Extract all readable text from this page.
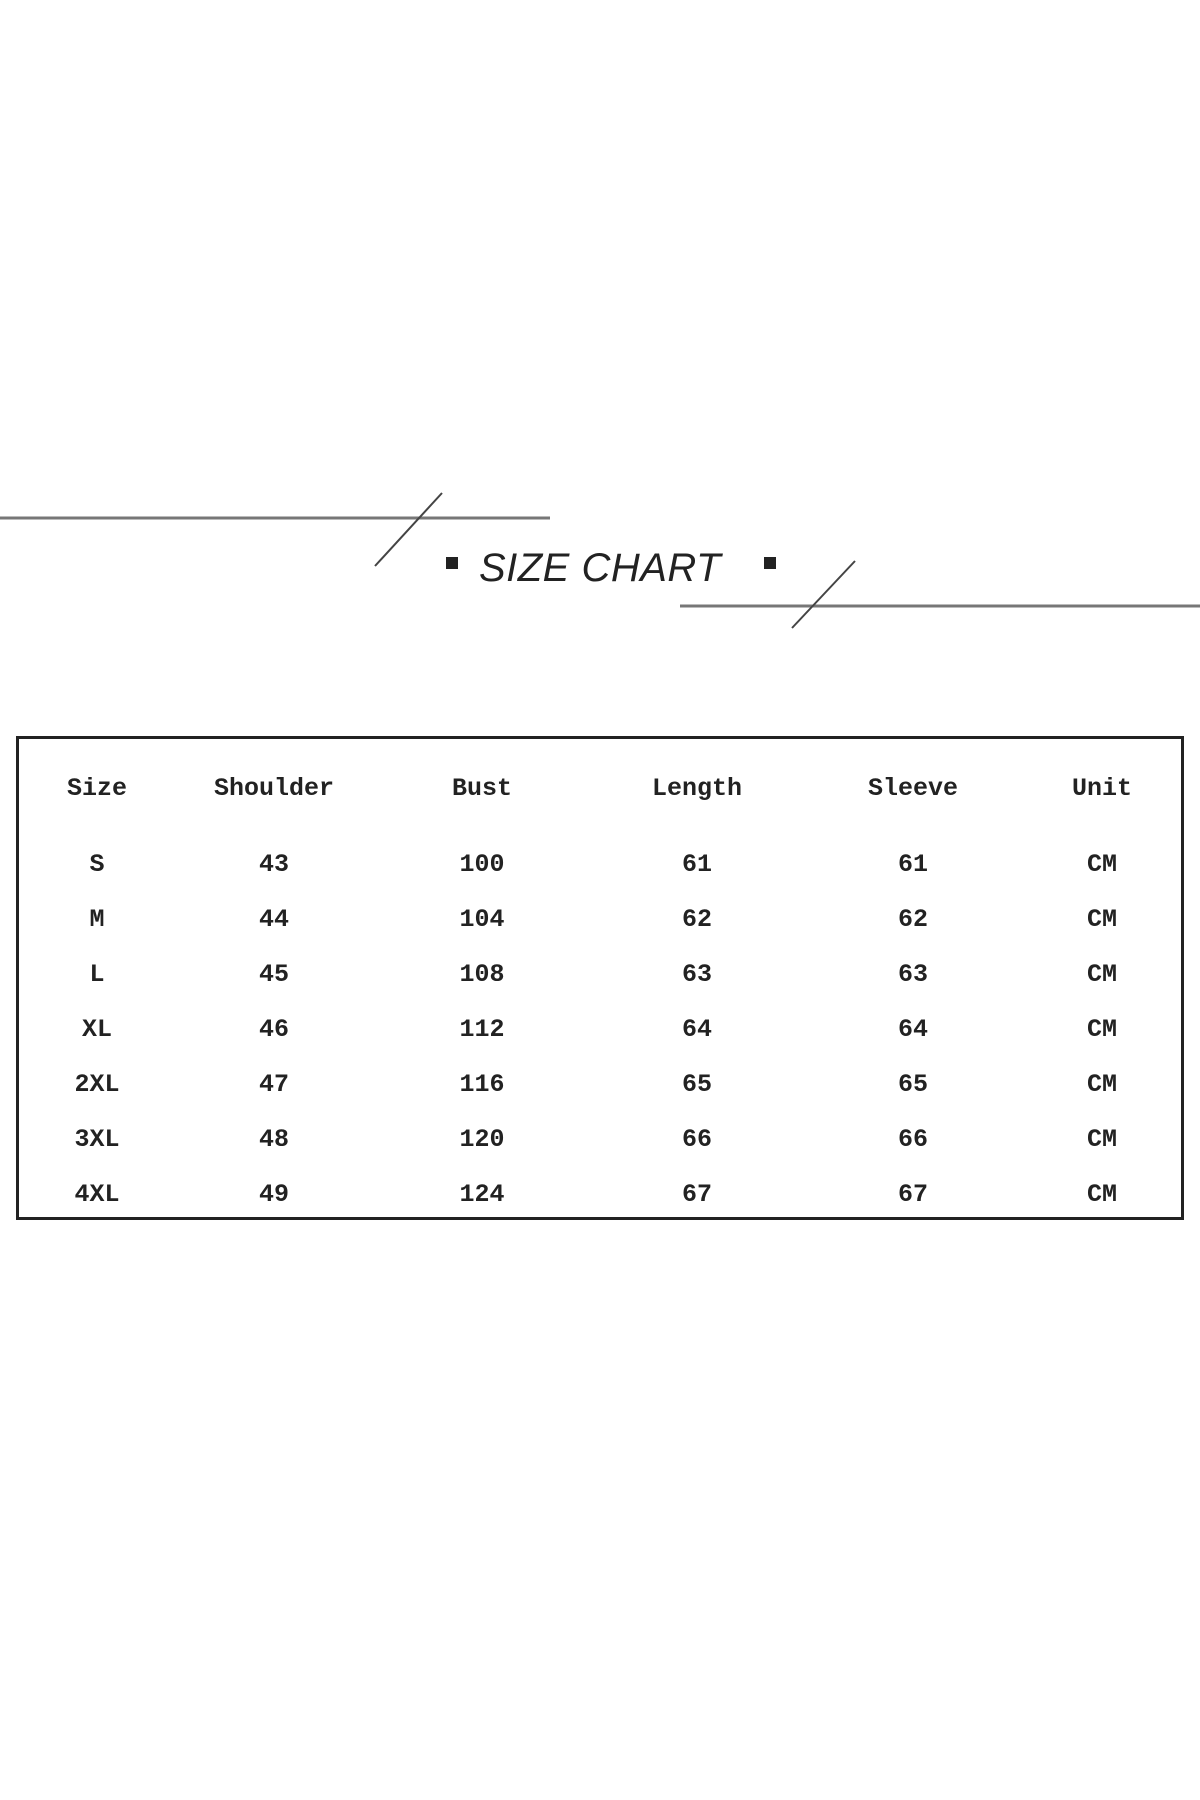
SIZE CHART
Size	Shoulder	Bust	Length	Sleeve	Unit
S	43	100	61	61	CM
M	44	104	62	62	CM
L	45	108	63	63	CM
XL	46	112	64	64	CM
2XL	47	116	65	65	CM
3XL	48	120	66	66	CM
4XL	49	124	67	67	CM
